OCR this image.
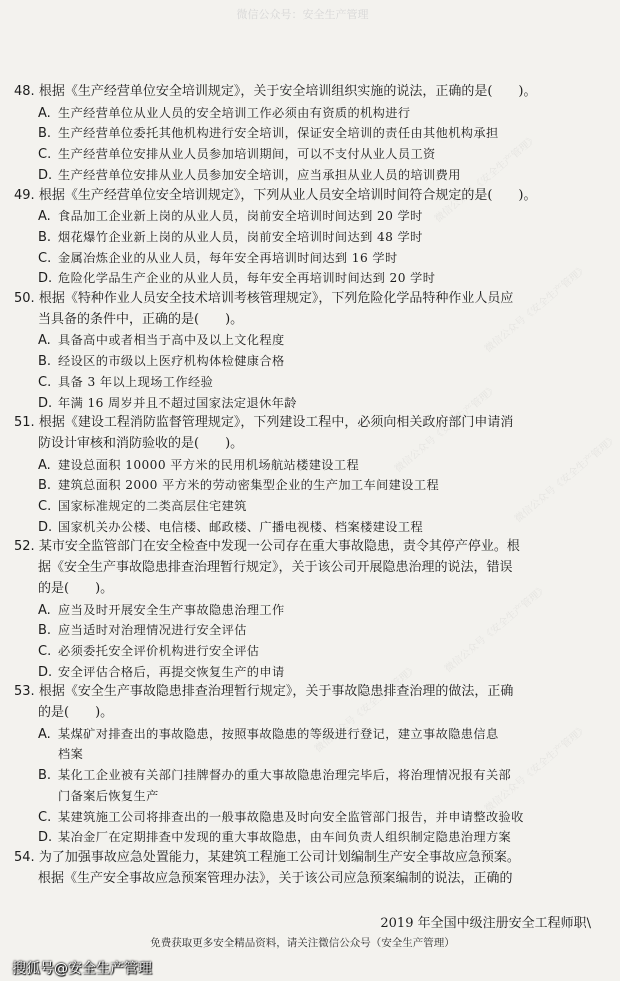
微信公众号：安全生产管理
微信公众号《安全生产管理》
微信公众号《安全生产管理》
微信公众号《安全生产管理》
微信公众号《安全生产管理》
微信公众号《安全生产管理》
微信公众号《安全生产管理》
微信公众号《安全生产管理》
48. 根据《生产经营单位安全培训规定》，关于安全培训组织实施的说法，正确的是(　　)。
A. 生产经营单位从业人员的安全培训工作必须由有资质的机构进行
B. 生产经营单位委托其他机构进行安全培训，保证安全培训的责任由其他机构承担
C. 生产经营单位安排从业人员参加培训期间，可以不支付从业人员工资
D. 生产经营单位安排从业人员参加安全培训，应当承担从业人员的培训费用
49. 根据《生产经营单位安全培训规定》，下列从业人员安全培训时间符合规定的是(　　)。
A. 食品加工企业新上岗的从业人员，岗前安全培训时间达到 20 学时
B. 烟花爆竹企业新上岗的从业人员，岗前安全培训时间达到 48 学时
C. 金属冶炼企业的从业人员，每年安全再培训时间达到 16 学时
D. 危险化学品生产企业的从业人员，每年安全再培训时间达到 20 学时
50. 根据《特种作业人员安全技术培训考核管理规定》，下列危险化学品特种作业人员应
当具备的条件中，正确的是(　　)。
A. 具备高中或者相当于高中及以上文化程度
B. 经设区的市级以上医疗机构体检健康合格
C. 具备 3 年以上现场工作经验
D. 年满 16 周岁并且不超过国家法定退休年龄
51. 根据《建设工程消防监督管理规定》，下列建设工程中，必须向相关政府部门申请消
防设计审核和消防验收的是(　　)。
A. 建设总面积 10000 平方米的民用机场航站楼建设工程
B. 建筑总面积 2000 平方米的劳动密集型企业的生产加工车间建设工程
C. 国家标准规定的二类高层住宅建筑
D. 国家机关办公楼、电信楼、邮政楼、广播电视楼、档案楼建设工程
52. 某市安全监管部门在安全检查中发现一公司存在重大事故隐患，责令其停产停业。根
据《安全生产事故隐患排查治理暂行规定》，关于该公司开展隐患治理的说法，错误
的是(　　)。
A. 应当及时开展安全生产事故隐患治理工作
B. 应当适时对治理情况进行安全评估
C. 必须委托安全评价机构进行安全评估
D. 安全评估合格后，再提交恢复生产的申请
53. 根据《安全生产事故隐患排查治理暂行规定》，关于事故隐患排查治理的做法，正确
的是(　　)。
A. 某煤矿对排查出的事故隐患，按照事故隐患的等级进行登记，建立事故隐患信息
档案
B. 某化工企业被有关部门挂牌督办的重大事故隐患治理完毕后，将治理情况报有关部
门备案后恢复生产
C. 某建筑施工公司将排查出的一般事故隐患及时向安全监管部门报告，并申请整改验收
D. 某冶金厂在定期排查中发现的重大事故隐患，由车间负责人组织制定隐患治理方案
54. 为了加强事故应急处置能力，某建筑工程施工公司计划编制生产安全事故应急预案。
根据《生产安全事故应急预案管理办法》，关于该公司应急预案编制的说法，正确的
2019 年全国中级注册安全工程师职\
免费获取更多安全精品资料，请关注微信公众号（安全生产管理）
搜狐号@安全生产管理
